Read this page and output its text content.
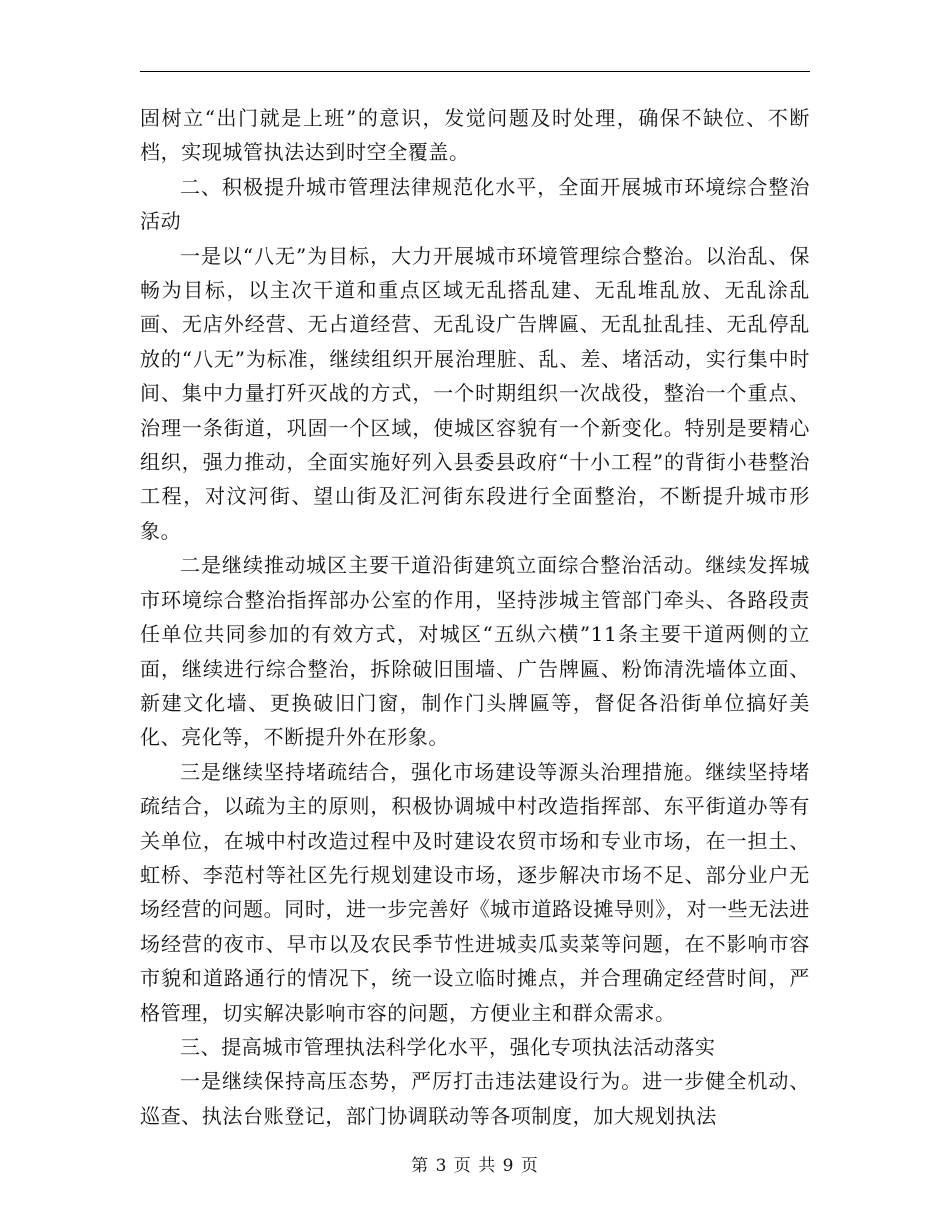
固树立“出门就是上班”的意识，发觉问题及时处理，确保不缺位、不断档，实现城管执法达到时空全覆盖。

二、积极提升城市管理法律规范化水平，全面开展城市环境综合整治活动

一是以“八无”为目标，大力开展城市环境管理综合整治。以治乱、保畅为目标，以主次干道和重点区域无乱搭乱建、无乱堆乱放、无乱涂乱画、无店外经营、无占道经营、无乱设广告牌匾、无乱扯乱挂、无乱停乱放的“八无”为标准，继续组织开展治理脏、乱、差、堵活动，实行集中时间、集中力量打歼灭战的方式，一个时期组织一次战役，整治一个重点、治理一条街道，巩固一个区域，使城区容貌有一个新变化。特别是要精心组织，强力推动，全面实施好列入县委县政府“十小工程”的背街小巷整治工程，对汶河街、望山街及汇河街东段进行全面整治，不断提升城市形象。

二是继续推动城区主要干道沿街建筑立面综合整治活动。继续发挥城市环境综合整治指挥部办公室的作用，坚持涉城主管部门牵头、各路段责任单位共同参加的有效方式，对城区“五纵六横”11条主要干道两侧的立面，继续进行综合整治，拆除破旧围墙、广告牌匾、粉饰清洗墙体立面、新建文化墙、更换破旧门窗，制作门头牌匾等，督促各沿街单位搞好美化、亮化等，不断提升外在形象。

三是继续坚持堵疏结合，强化市场建设等源头治理措施。继续坚持堵疏结合，以疏为主的原则，积极协调城中村改造指挥部、东平街道办等有关单位，在城中村改造过程中及时建设农贸市场和专业市场，在一担土、虹桥、李范村等社区先行规划建设市场，逐步解决市场不足、部分业户无场经营的问题。同时，进一步完善好《城市道路设摊导则》，对一些无法进场经营的夜市、早市以及农民季节性进城卖瓜卖菜等问题，在不影响市容市貌和道路通行的情况下，统一设立临时摊点，并合理确定经营时间，严格管理，切实解决影响市容的问题，方便业主和群众需求。

三、提高城市管理执法科学化水平，强化专项执法活动落实

一是继续保持高压态势，严厉打击违法建设行为。进一步健全机动、巡查、执法台账登记，部门协调联动等各项制度，加大规划执法

第 3 页 共 9 页
